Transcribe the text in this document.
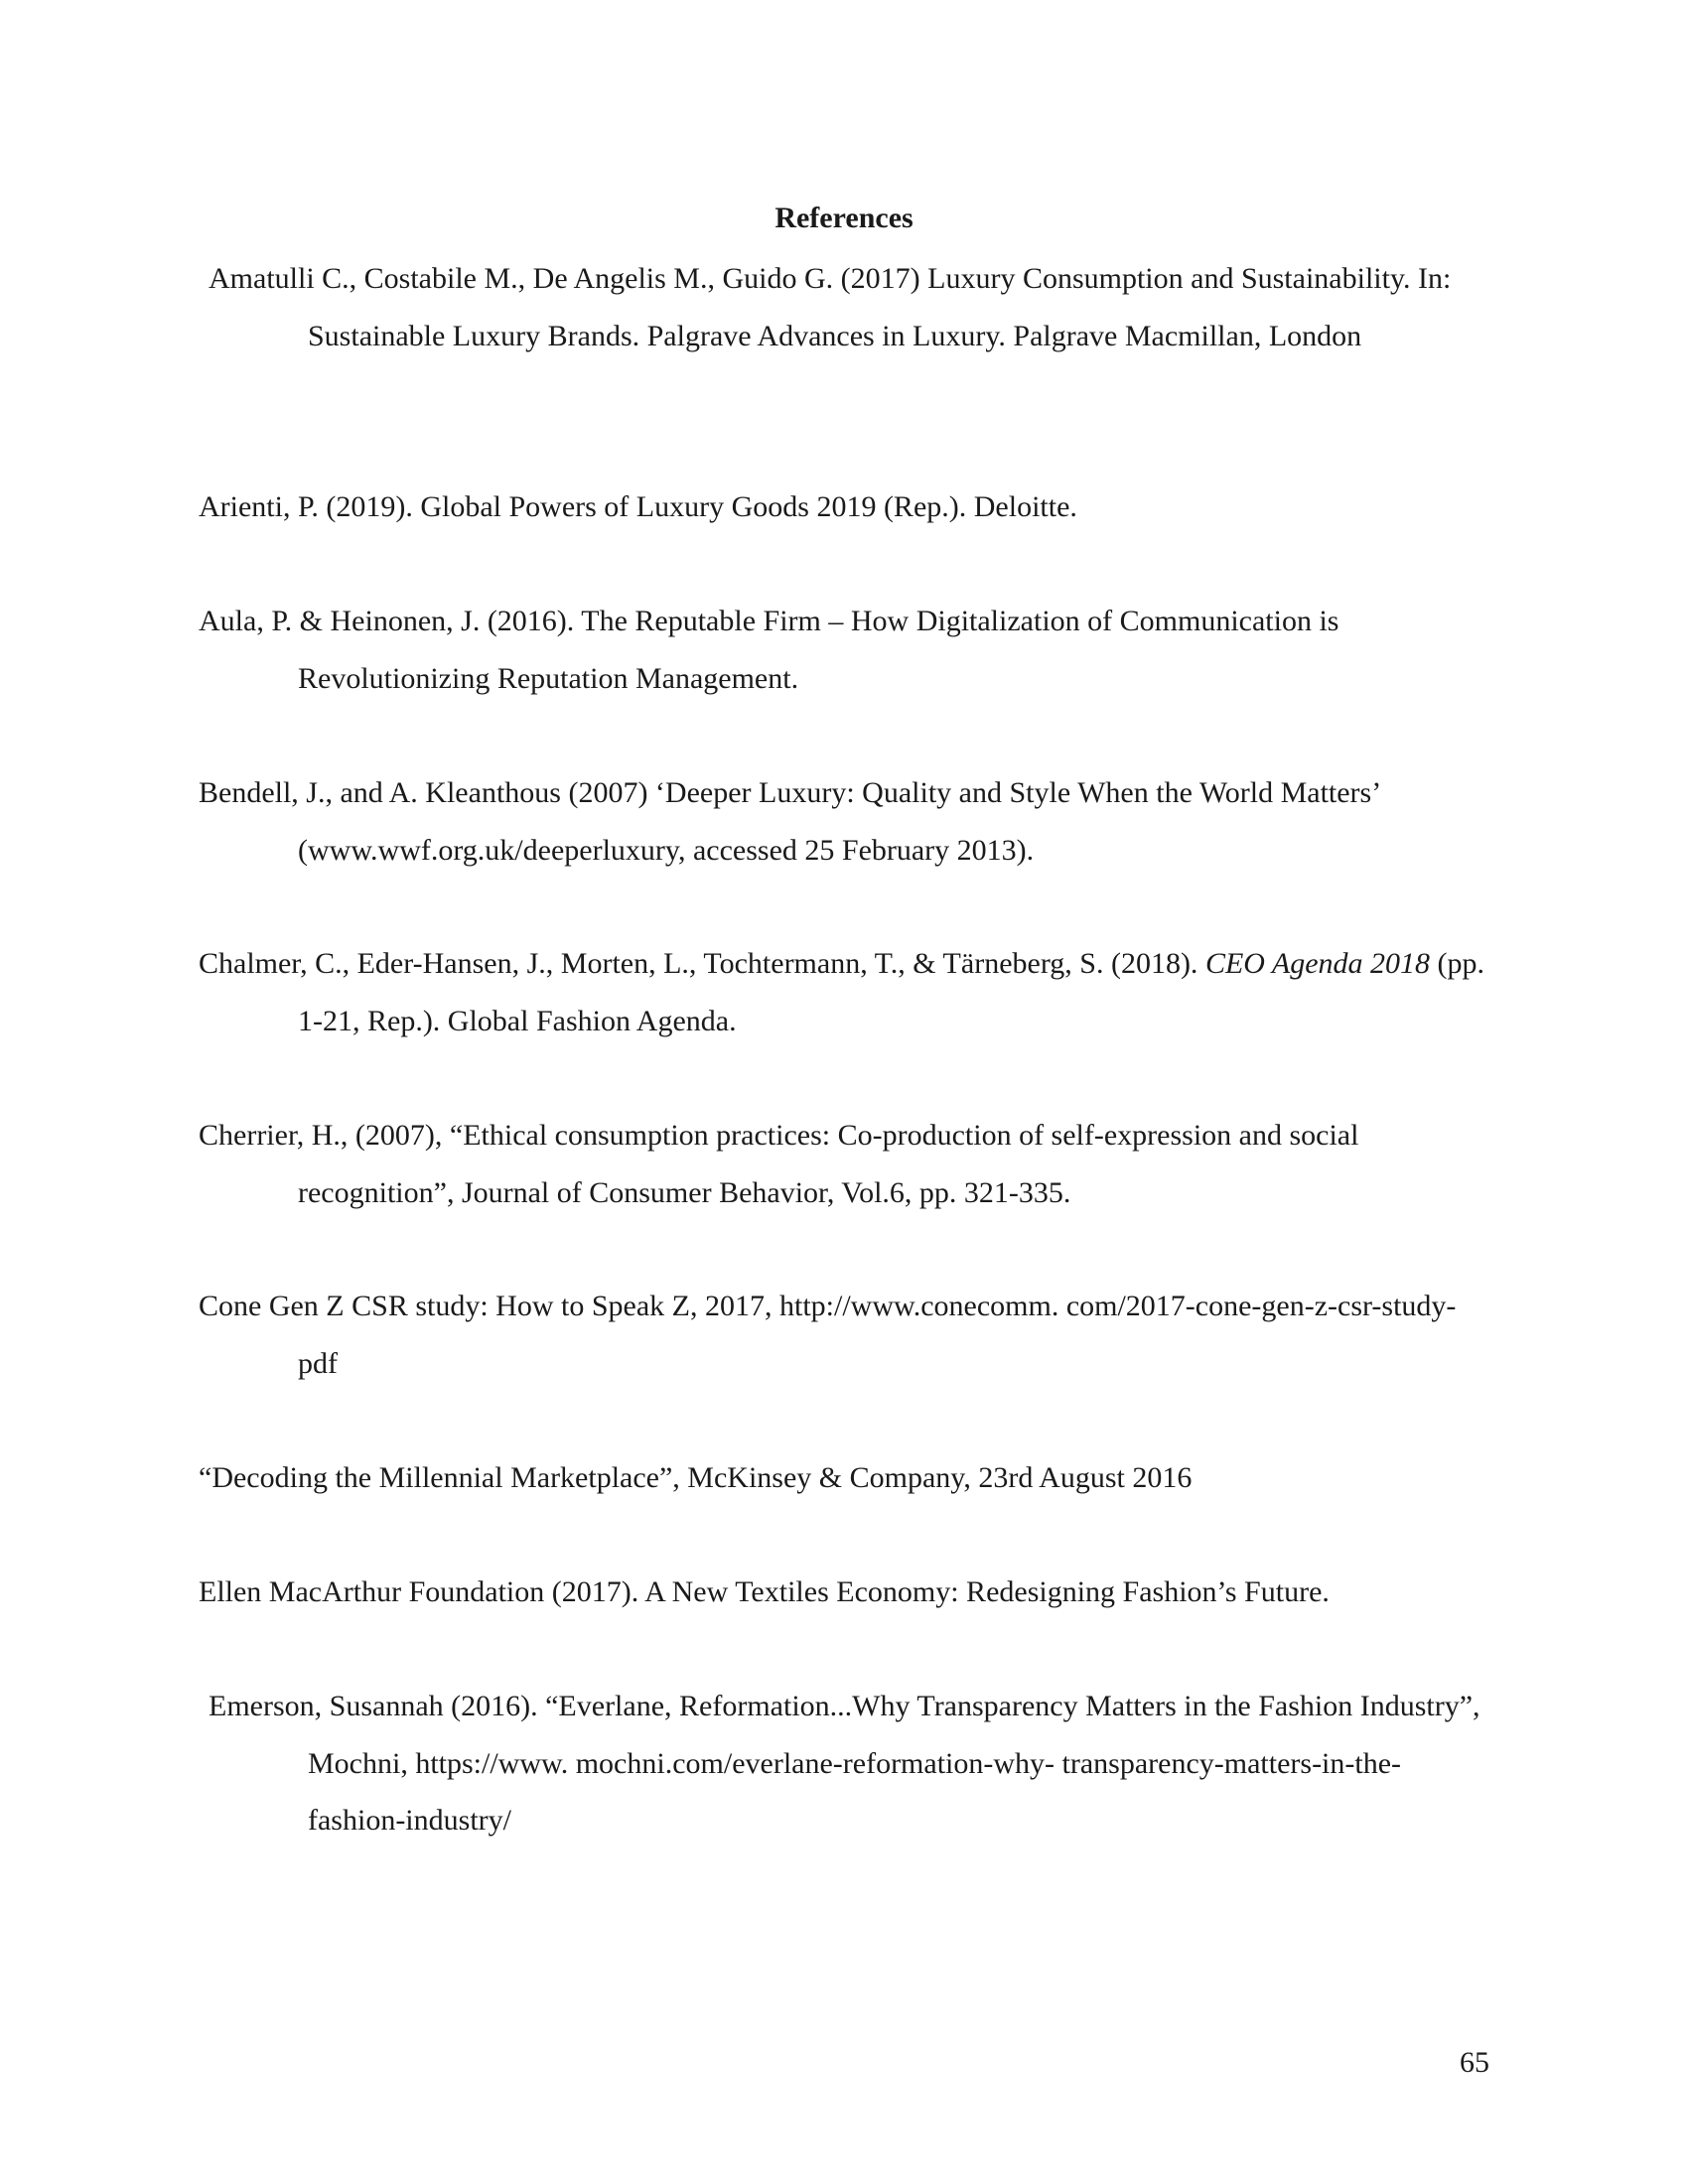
References

Amatulli C., Costabile M., De Angelis M., Guido G. (2017) Luxury Consumption and Sustainability. In: Sustainable Luxury Brands. Palgrave Advances in Luxury. Palgrave Macmillan, London

Arienti, P. (2019). Global Powers of Luxury Goods 2019 (Rep.). Deloitte.

Aula, P. & Heinonen, J. (2016). The Reputable Firm – How Digitalization of Communication is Revolutionizing Reputation Management.

Bendell, J., and A. Kleanthous (2007) ‘Deeper Luxury: Quality and Style When the World Matters’ (www.wwf.org.uk/deeperluxury, accessed 25 February 2013).

Chalmer, C., Eder-Hansen, J., Morten, L., Tochtermann, T., & Tärneberg, S. (2018). CEO Agenda 2018 (pp. 1-21, Rep.). Global Fashion Agenda.

Cherrier, H., (2007), “Ethical consumption practices: Co-production of self-expression and social recognition”, Journal of Consumer Behavior, Vol.6, pp. 321-335.

Cone Gen Z CSR study: How to Speak Z, 2017, http://www.conecomm. com/2017-cone-gen-z-csr-study-pdf

“Decoding the Millennial Marketplace”, McKinsey & Company, 23rd August 2016

Ellen MacArthur Foundation (2017). A New Textiles Economy: Redesigning Fashion’s Future.

Emerson, Susannah (2016). “Everlane, Reformation...Why Transparency Matters in the Fashion Industry”, Mochni, https://www. mochni.com/everlane-reformation-why- transparency-matters-in-the-fashion-industry/

65
